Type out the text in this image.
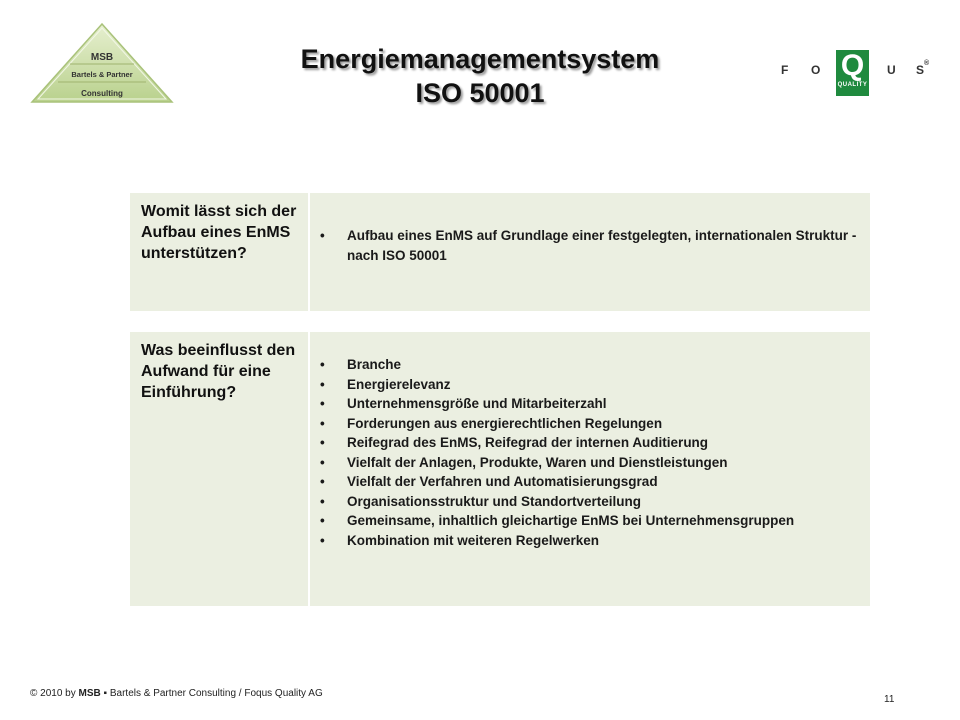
MSB
Bartels & Partner
Consulting
Energiemanagementsystem
ISO 50001
F O Q
QUALITY
U S ®
Womit lässt sich der Aufbau eines EnMS unterstützen?
• Aufbau eines EnMS auf Grundlage einer festgelegten, internationalen Struktur - nach ISO 50001
Was beeinflusst den Aufwand für eine Einführung?
• Branche
• Energierelevanz
• Unternehmensgröße und Mitarbeiterzahl
• Forderungen aus energierechtlichen Regelungen
• Reifegrad des EnMS, Reifegrad der internen Auditierung
• Vielfalt der Anlagen, Produkte, Waren und Dienstleistungen
• Vielfalt der Verfahren und Automatisierungsgrad
• Organisationsstruktur und Standortverteilung
• Gemeinsame, inhaltlich gleichartige EnMS bei Unternehmensgruppen
• Kombination mit weiteren Regelwerken
© 2010 by MSB ▪ Bartels & Partner Consulting / Foqus Quality AG
11
